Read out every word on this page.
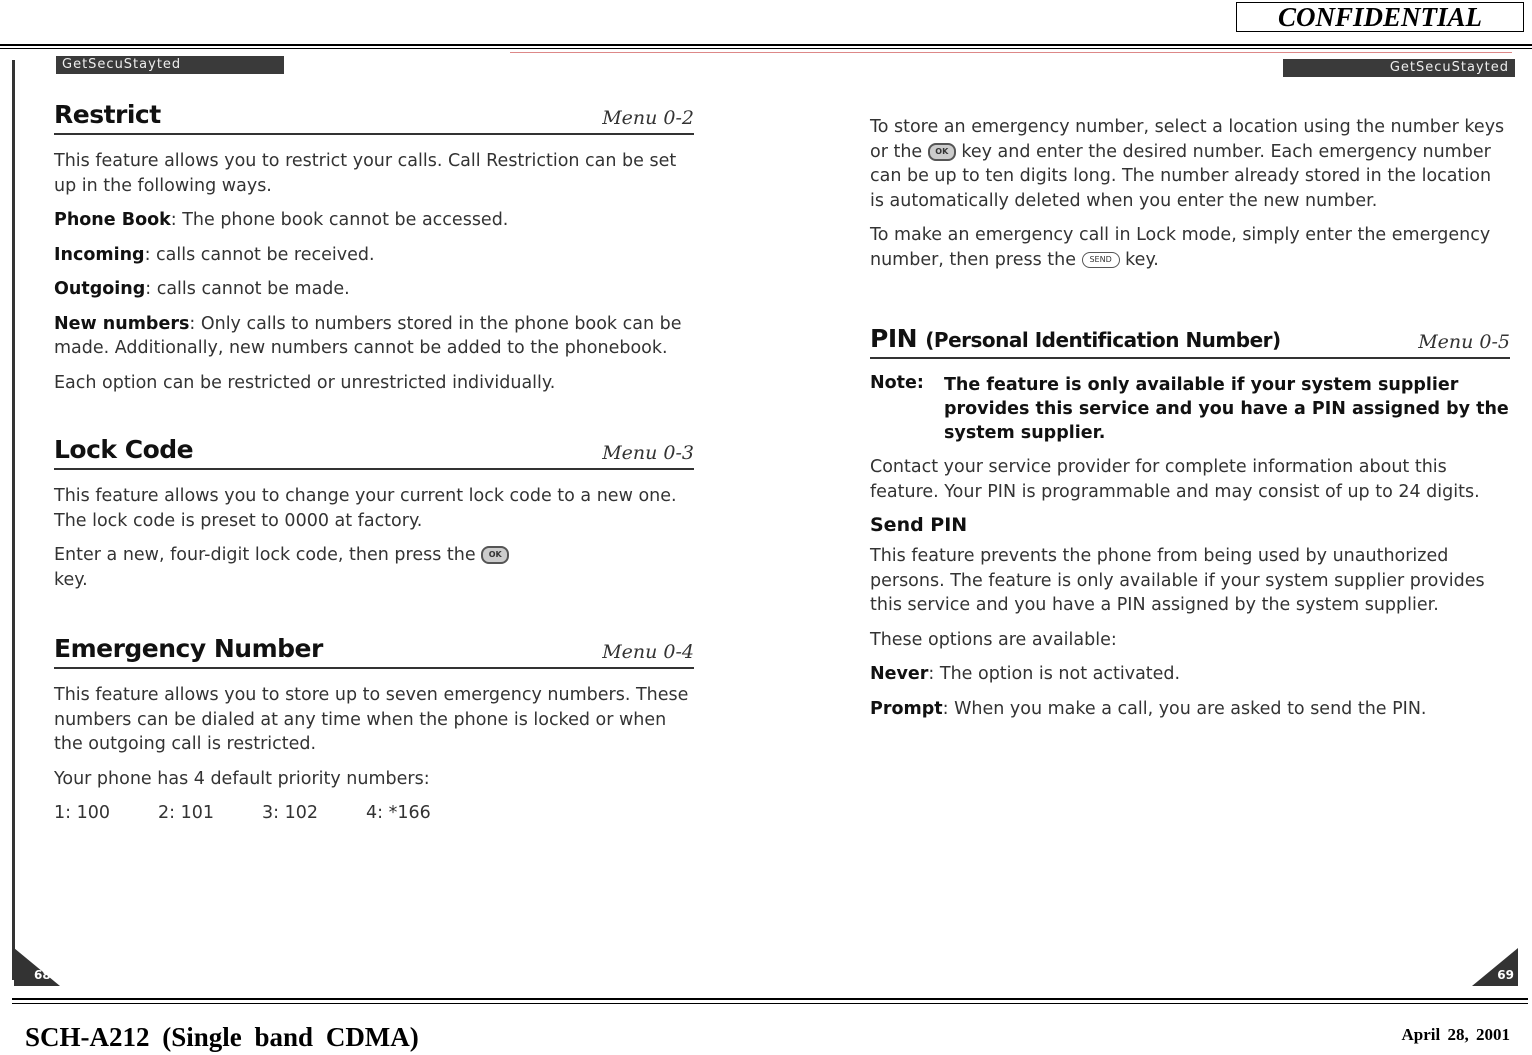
CONFIDENTIAL
GetSecuStayted	GetSecuStayted
Restrict	Menu 0-2

This feature allows you to restrict your calls. Call Restriction can be set up in the following ways.

Phone Book: The phone book cannot be accessed.

Incoming: calls cannot be received.

Outgoing: calls cannot be made.

New numbers: Only calls to numbers stored in the phone book can be made. Additionally, new numbers cannot be added to the phonebook.

Each option can be restricted or unrestricted individually.

Lock Code	Menu 0-3

This feature allows you to change your current lock code to a new one. The lock code is preset to 0000 at factory.

Enter a new, four-digit lock code, then press the OK
key.

Emergency Number	Menu 0-4

This feature allows you to store up to seven emergency numbers. These numbers can be dialed at any time when the phone is locked or when the outgoing call is restricted.

Your phone has 4 default priority numbers:

1: 100	2: 101	3: 102	4: *166

To store an emergency number, select a location using the number keys or the OK key and enter the desired number. Each emergency number can be up to ten digits long. The number already stored in the location is automatically deleted when you enter the new number.

To make an emergency call in Lock mode, simply enter the emergency number, then press the SEND key.

PIN (Personal Identification Number)	Menu 0-5
Note:	The feature is only available if your system supplier provides this service and you have a PIN assigned by the system supplier.

Contact your service provider for complete information about this feature. Your PIN is programmable and may consist of up to 24 digits.

Send PIN

This feature prevents the phone from being used by unauthorized persons. The feature is only available if your system supplier provides this service and you have a PIN assigned by the system supplier.

These options are available:

Never: The option is not activated.

Prompt: When you make a call, you are asked to send the PIN.

68	69
SCH-A212 (Single band CDMA)	April 28, 2001
